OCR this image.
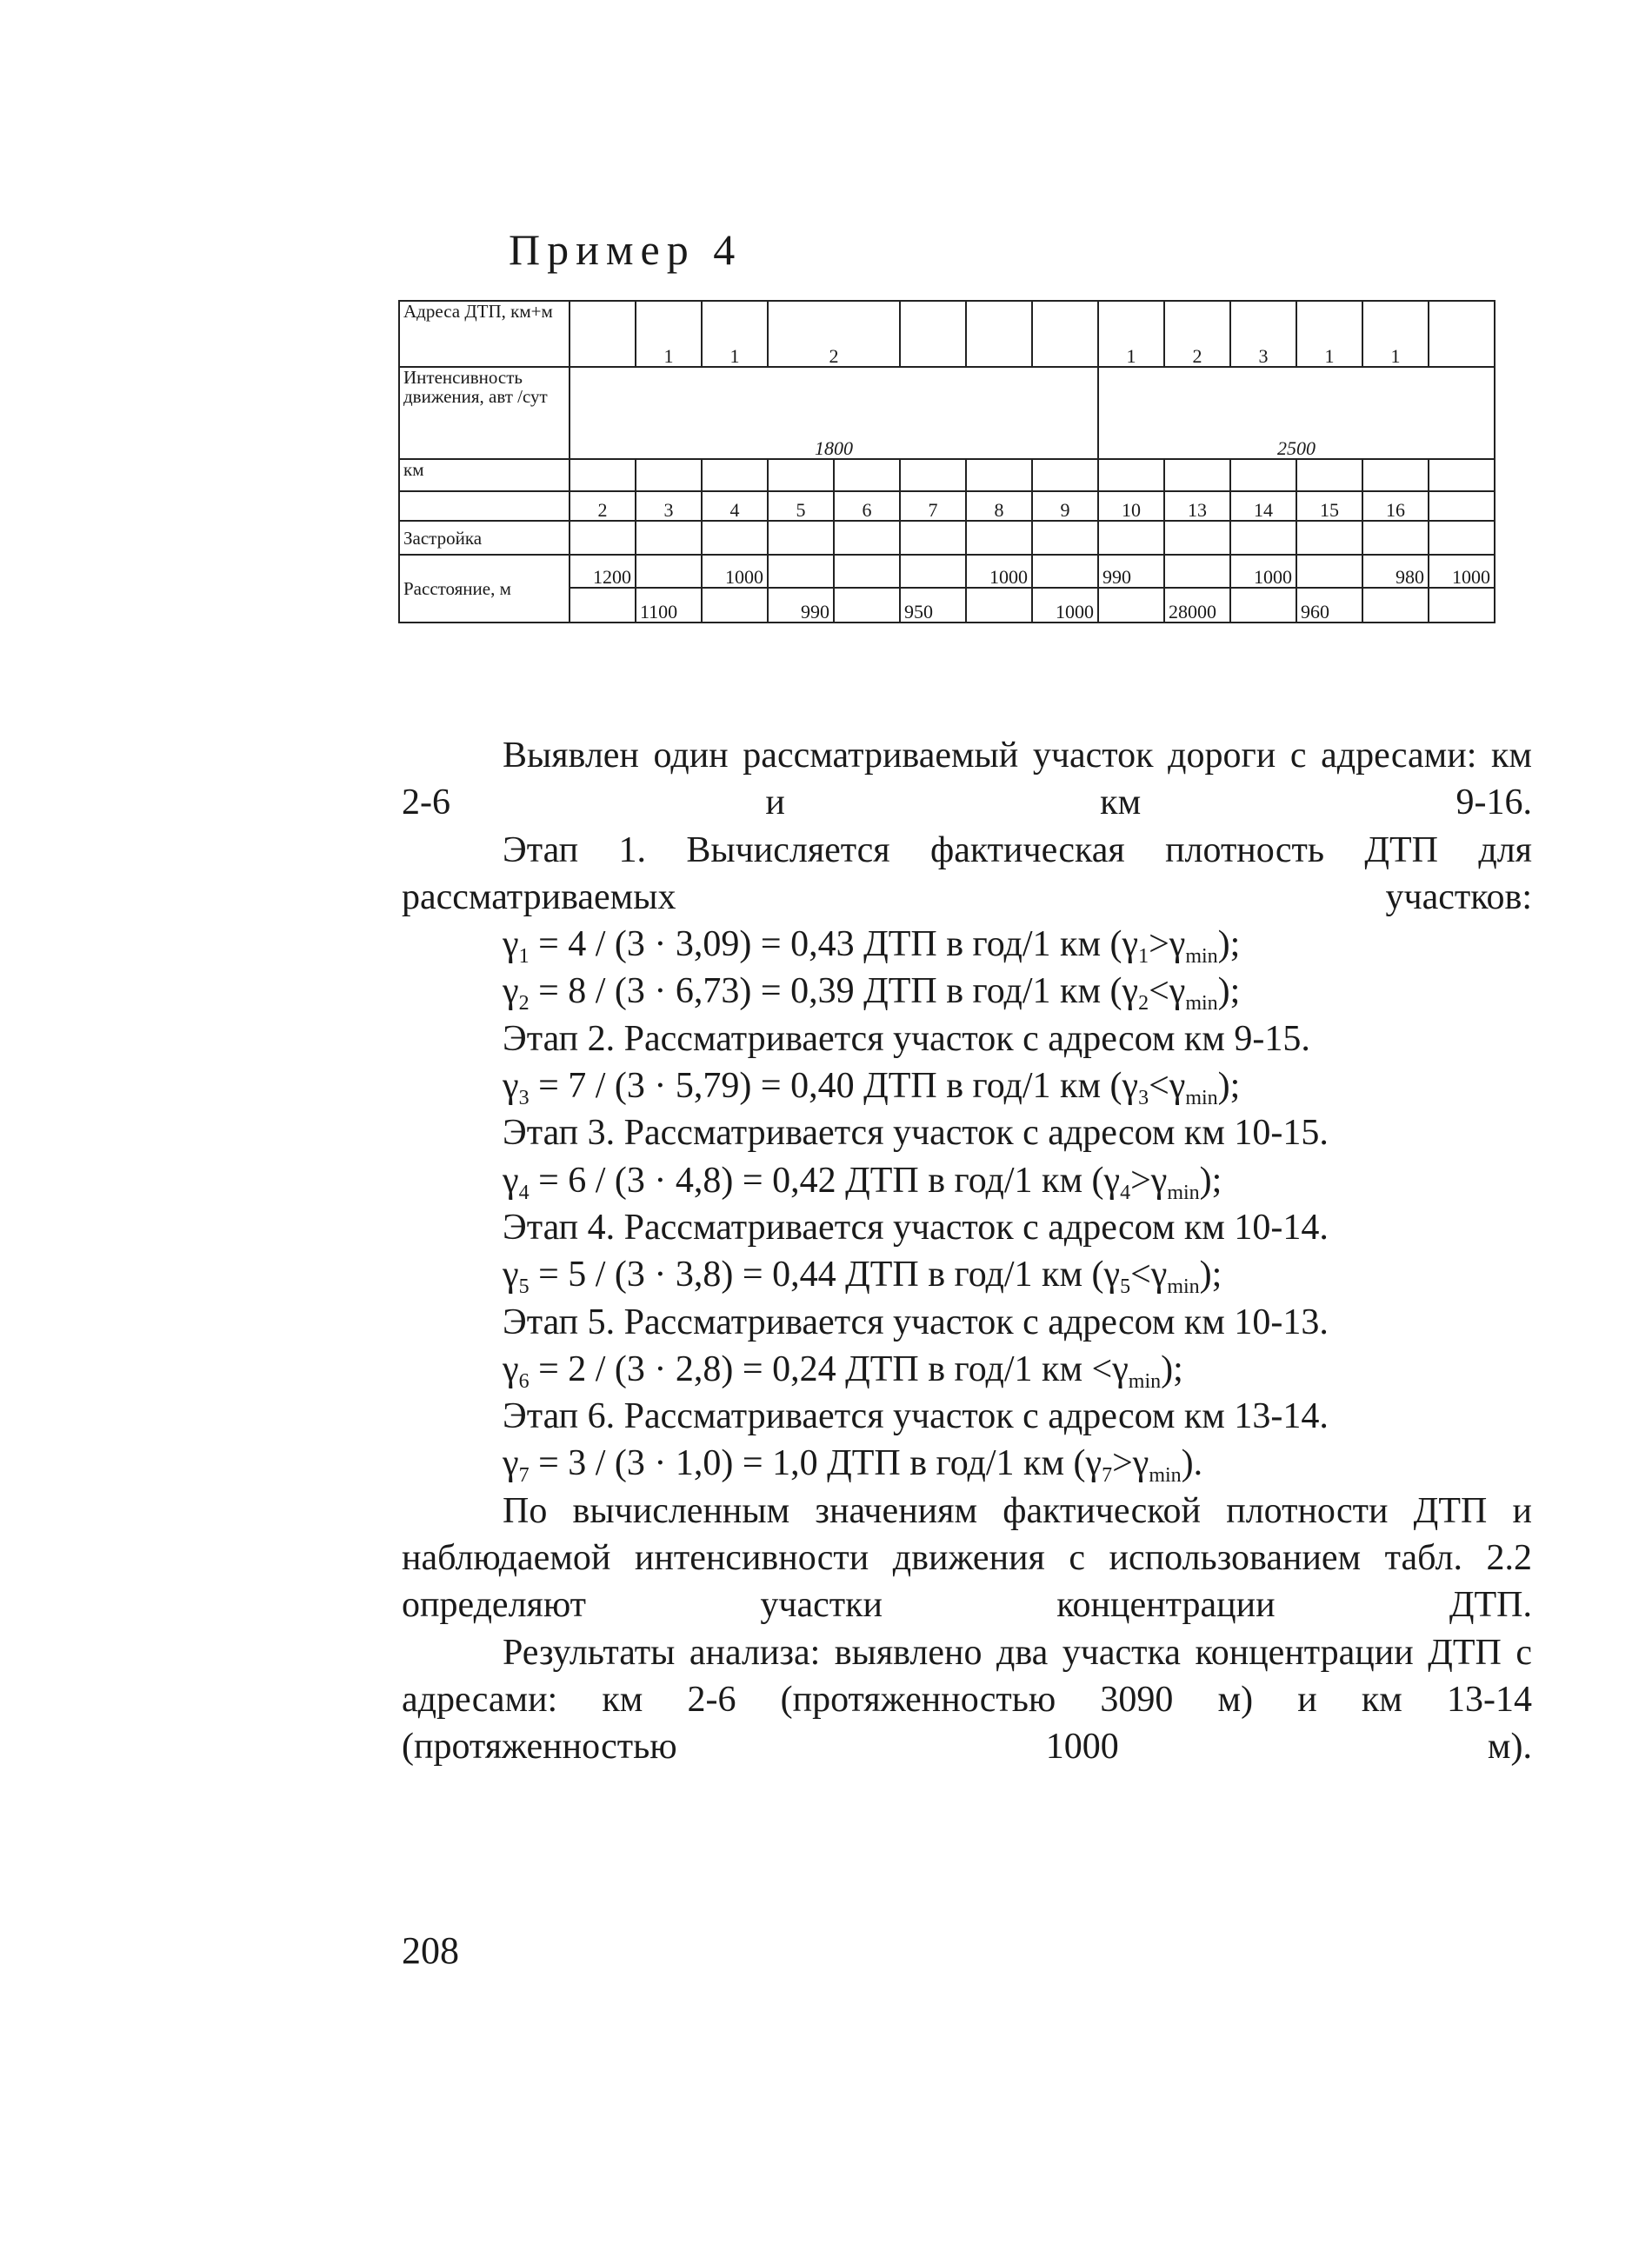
Пример 4
Адреса ДТП, км+м		1	1	2					1	2	3	1	1	
Интенсивность движения, авт /сут	1800								2500					
км														
	2	3	4	5	6	7	8	9	10	13	14	15	16	
Застройка														
Расстояние, м	1200		1000				1000		990		1000		980	1000
		1100		990		950		1000		28000		960		

Выявлен один рассматриваемый участок дороги с адресами: км 2-6 и км 9-16.

Этап 1. Вычисляется фактическая плотность ДТП для рассматриваемых участков:

$\gamma_1 = 4 / (3 \cdot 3,09) = 0,43$ ДТП в год/1 км $(\gamma_1>\gamma_{min})$;
$\gamma_2 = 8 / (3 \cdot 6,73) = 0,39$ ДТП в год/1 км $(\gamma_2<\gamma_{min})$;
Этап 2. Рассматривается участок с адресом км 9-15.
$\gamma_3 = 7 / (3 \cdot 5,79) = 0,40$ ДТП в год/1 км $(\gamma_3<\gamma_{min})$;
Этап 3. Рассматривается участок с адресом км 10-15.
$\gamma_4 = 6 / (3 \cdot 4,8) = 0,42$ ДТП в год/1 км $(\gamma_4>\gamma_{min})$;
Этап 4. Рассматривается участок с адресом км 10-14.
$\gamma_5 = 5 / (3 \cdot 3,8) = 0,44$ ДТП в год/1 км $(\gamma_5<\gamma_{min})$;
Этап 5. Рассматривается участок с адресом км 10-13.
$\gamma_6 = 2 / (3 \cdot 2,8) = 0,24$ ДТП в год/1 км $<\gamma_{min}$);
Этап 6. Рассматривается участок с адресом км 13-14.
$\gamma_7 = 3 / (3 \cdot 1,0) = 1,0$ ДТП в год/1 км $(\gamma_7>\gamma_{min})$.

По вычисленным значениям фактической плотности ДТП и наблюдаемой интенсивности движения с использованием табл. 2.2 определяют участки концентрации ДТП.

Результаты анализа: выявлено два участка концентрации ДТП с адресами: км 2-6 (протяженностью 3090 м) и км 13-14 (протяженностью 1000 м).

208
